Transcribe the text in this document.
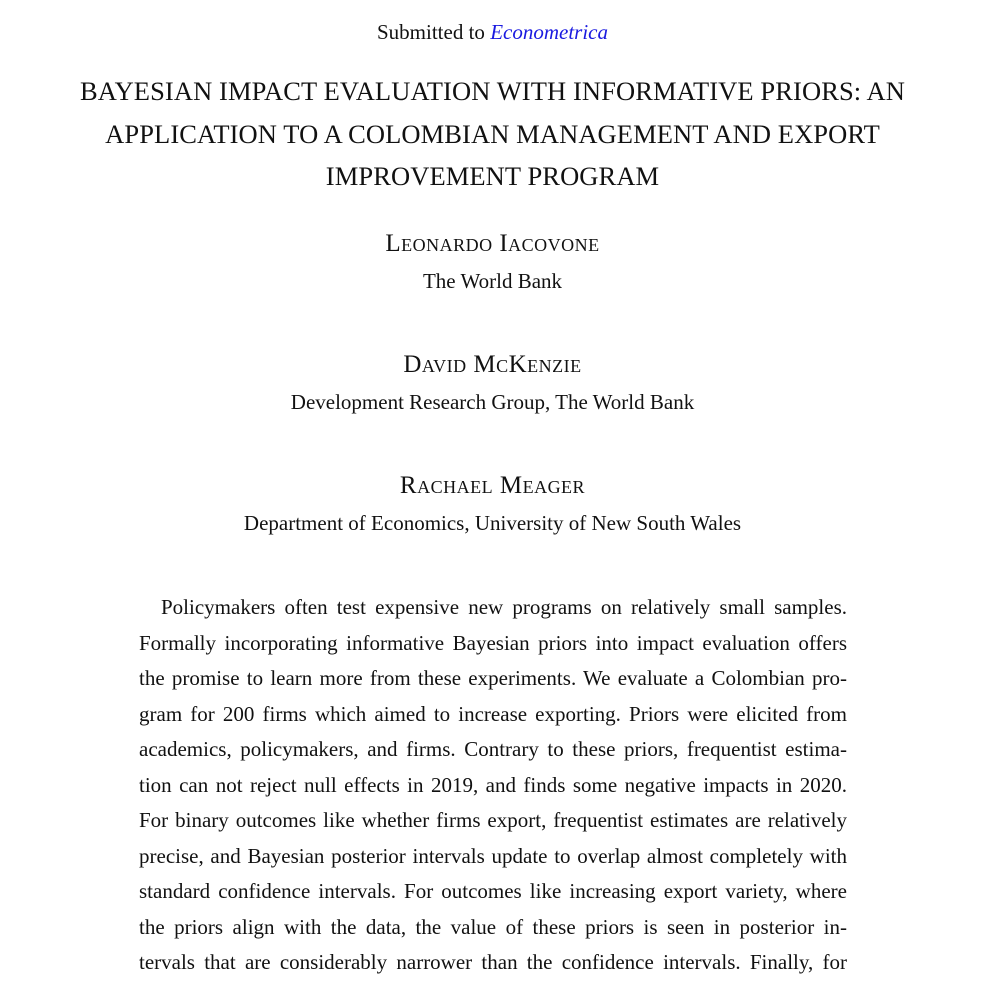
Submitted to Econometrica
BAYESIAN IMPACT EVALUATION WITH INFORMATIVE PRIORS: AN
APPLICATION TO A COLOMBIAN MANAGEMENT AND EXPORT
IMPROVEMENT PROGRAM
Leonardo Iacovone
The World Bank
David McKenzie
Development Research Group, The World Bank
Rachael Meager
Department of Economics, University of New South Wales
Policymakers often test expensive new programs on relatively small samples.
Formally incorporating informative Bayesian priors into impact evaluation offers
the promise to learn more from these experiments. We evaluate a Colombian pro-
gram for 200 firms which aimed to increase exporting. Priors were elicited from
academics, policymakers, and firms. Contrary to these priors, frequentist estima-
tion can not reject null effects in 2019, and finds some negative impacts in 2020.
For binary outcomes like whether firms export, frequentist estimates are relatively
precise, and Bayesian posterior intervals update to overlap almost completely with
standard confidence intervals. For outcomes like increasing export variety, where
the priors align with the data, the value of these priors is seen in posterior in-
tervals that are considerably narrower than the confidence intervals. Finally, for
